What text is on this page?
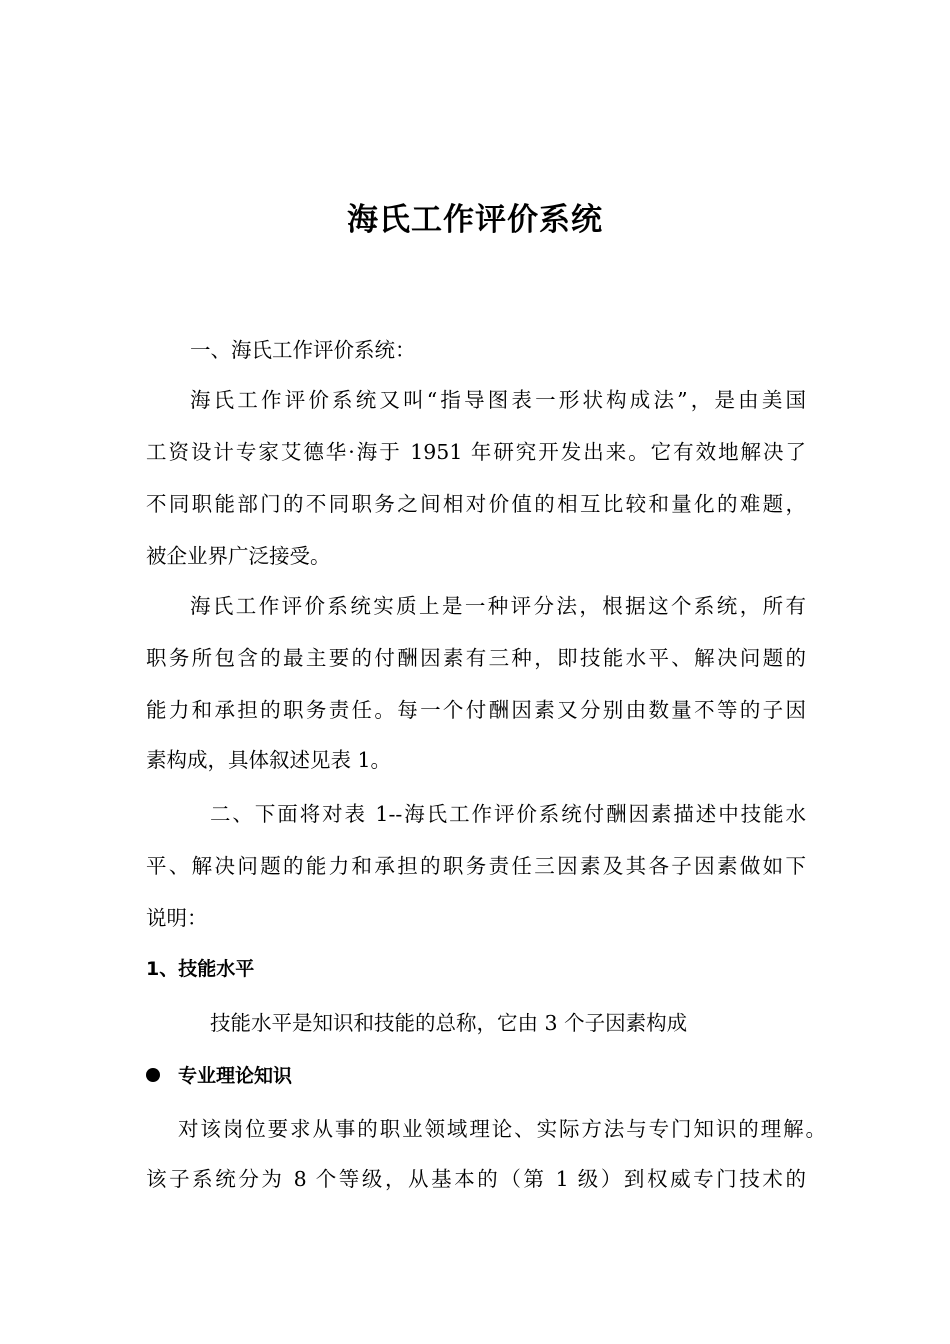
海氏工作评价系统
一、海氏工作评价系统：
海氏工作评价系统又叫“指导图表一形状构成法”，是由美国
工资设计专家艾德华·海于 1951 年研究开发出来。它有效地解决了
不同职能部门的不同职务之间相对价值的相互比较和量化的难题，
被企业界广泛接受。
海氏工作评价系统实质上是一种评分法，根据这个系统，所有
职务所包含的最主要的付酬因素有三种，即技能水平、解决问题的
能力和承担的职务责任。每一个付酬因素又分别由数量不等的子因
素构成，具体叙述见表 1。
二、下面将对表 1--海氏工作评价系统付酬因素描述中技能水
平、解决问题的能力和承担的职务责任三因素及其各子因素做如下
说明：
1、技能水平
技能水平是知识和技能的总称，它由 3 个子因素构成
专业理论知识
对该岗位要求从事的职业领域理论、实际方法与专门知识的理解。
该子系统分为 8 个等级，从基本的（第 1 级）到权威专门技术的
